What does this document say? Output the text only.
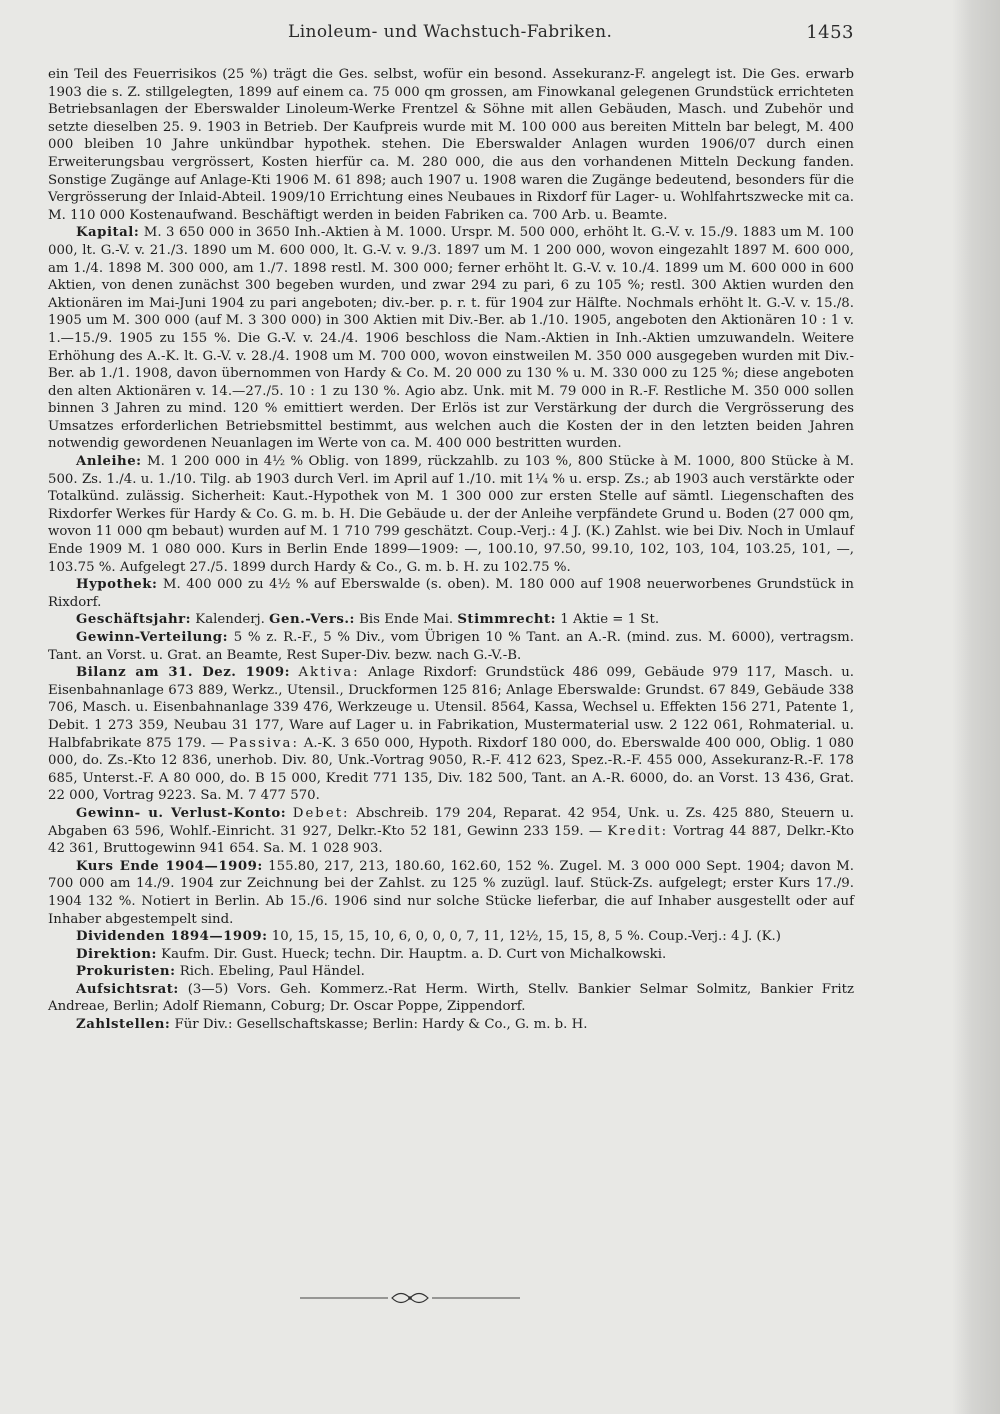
Linoleum- und Wachstuch-Fabriken.	1453

ein Teil des Feuerrisikos (25 %) trägt die Ges. selbst, wofür ein besond. Assekuranz-F. angelegt ist. Die Ges. erwarb 1903 die s. Z. stillgelegten, 1899 auf einem ca. 75 000 qm grossen, am Finowkanal gelegenen Grundstück errichteten Betriebsanlagen der Eberswalder Linoleum-Werke Frentzel & Söhne mit allen Gebäuden, Masch. und Zubehör und setzte dieselben 25. 9. 1903 in Betrieb. Der Kaufpreis wurde mit M. 100 000 aus bereiten Mitteln bar belegt, M. 400 000 bleiben 10 Jahre unkündbar hypothek. stehen. Die Eberswalder Anlagen wurden 1906/07 durch einen Erweiterungsbau vergrössert, Kosten hierfür ca. M. 280 000, die aus den vorhandenen Mitteln Deckung fanden. Sonstige Zugänge auf Anlage-Kti 1906 M. 61 898; auch 1907 u. 1908 waren die Zugänge bedeutend, besonders für die Vergrösserung der Inlaid-Abteil. 1909/10 Errichtung eines Neubaues in Rixdorf für Lager- u. Wohlfahrtszwecke mit ca. M. 110 000 Kostenaufwand. Beschäftigt werden in beiden Fabriken ca. 700 Arb. u. Beamte.

Kapital: M. 3 650 000 in 3650 Inh.-Aktien à M. 1000. Urspr. M. 500 000, erhöht lt. G.-V. v. 15./9. 1883 um M. 100 000, lt. G.-V. v. 21./3. 1890 um M. 600 000, lt. G.-V. v. 9./3. 1897 um M. 1 200 000, wovon eingezahlt 1897 M. 600 000, am 1./4. 1898 M. 300 000, am 1./7. 1898 restl. M. 300 000; ferner erhöht lt. G.-V. v. 10./4. 1899 um M. 600 000 in 600 Aktien, von denen zunächst 300 begeben wurden, und zwar 294 zu pari, 6 zu 105 %; restl. 300 Aktien wurden den Aktionären im Mai-Juni 1904 zu pari angeboten; div.-ber. p. r. t. für 1904 zur Hälfte. Nochmals erhöht lt. G.-V. v. 15./8. 1905 um M. 300 000 (auf M. 3 300 000) in 300 Aktien mit Div.-Ber. ab 1./10. 1905, angeboten den Aktionären 10 : 1 v. 1.—15./9. 1905 zu 155 %. Die G.-V. v. 24./4. 1906 beschloss die Nam.-Aktien in Inh.-Aktien umzuwandeln. Weitere Erhöhung des A.-K. lt. G.-V. v. 28./4. 1908 um M. 700 000, wovon einstweilen M. 350 000 ausgegeben wurden mit Div.-Ber. ab 1./1. 1908, davon übernommen von Hardy & Co. M. 20 000 zu 130 % u. M. 330 000 zu 125 %; diese angeboten den alten Aktionären v. 14.—27./5. 10 : 1 zu 130 %. Agio abz. Unk. mit M. 79 000 in R.-F. Restliche M. 350 000 sollen binnen 3 Jahren zu mind. 120 % emittiert werden. Der Erlös ist zur Verstärkung der durch die Vergrösserung des Umsatzes erforderlichen Betriebsmittel bestimmt, aus welchen auch die Kosten der in den letzten beiden Jahren notwendig gewordenen Neuanlagen im Werte von ca. M. 400 000 bestritten wurden.

Anleihe: M. 1 200 000 in 4½ % Oblig. von 1899, rückzahlb. zu 103 %, 800 Stücke à M. 1000, 800 Stücke à M. 500. Zs. 1./4. u. 1./10. Tilg. ab 1903 durch Verl. im April auf 1./10. mit 1¼ % u. ersp. Zs.; ab 1903 auch verstärkte oder Totalkünd. zulässig. Sicherheit: Kaut.-Hypothek von M. 1 300 000 zur ersten Stelle auf sämtl. Liegenschaften des Rixdorfer Werkes für Hardy & Co. G. m. b. H. Die Gebäude u. der der Anleihe verpfändete Grund u. Boden (27 000 qm, wovon 11 000 qm bebaut) wurden auf M. 1 710 799 geschätzt. Coup.-Verj.: 4 J. (K.) Zahlst. wie bei Div. Noch in Umlauf Ende 1909 M. 1 080 000. Kurs in Berlin Ende 1899—1909: —, 100.10, 97.50, 99.10, 102, 103, 104, 103.25, 101, —, 103.75 %. Aufgelegt 27./5. 1899 durch Hardy & Co., G. m. b. H. zu 102.75 %.

Hypothek: M. 400 000 zu 4½ % auf Eberswalde (s. oben). M. 180 000 auf 1908 neuerworbenes Grundstück in Rixdorf.

Geschäftsjahr: Kalenderj. Gen.-Vers.: Bis Ende Mai. Stimmrecht: 1 Aktie = 1 St.

Gewinn-Verteilung: 5 % z. R.-F., 5 % Div., vom Übrigen 10 % Tant. an A.-R. (mind. zus. M. 6000), vertragsm. Tant. an Vorst. u. Grat. an Beamte, Rest Super-Div. bezw. nach G.-V.-B.

Bilanz am 31. Dez. 1909: Aktiva: Anlage Rixdorf: Grundstück 486 099, Gebäude 979 117, Masch. u. Eisenbahnanlage 673 889, Werkz., Utensil., Druckformen 125 816; Anlage Eberswalde: Grundst. 67 849, Gebäude 338 706, Masch. u. Eisenbahnanlage 339 476, Werkzeuge u. Utensil. 8564, Kassa, Wechsel u. Effekten 156 271, Patente 1, Debit. 1 273 359, Neubau 31 177, Ware auf Lager u. in Fabrikation, Mustermaterial usw. 2 122 061, Rohmaterial. u. Halbfabrikate 875 179. — Passiva: A.-K. 3 650 000, Hypoth. Rixdorf 180 000, do. Eberswalde 400 000, Oblig. 1 080 000, do. Zs.-Kto 12 836, unerhob. Div. 80, Unk.-Vortrag 9050, R.-F. 412 623, Spez.-R.-F. 455 000, Assekuranz-R.-F. 178 685, Unterst.-F. A 80 000, do. B 15 000, Kredit 771 135, Div. 182 500, Tant. an A.-R. 6000, do. an Vorst. 13 436, Grat. 22 000, Vortrag 9223. Sa. M. 7 477 570.

Gewinn- u. Verlust-Konto: Debet: Abschreib. 179 204, Reparat. 42 954, Unk. u. Zs. 425 880, Steuern u. Abgaben 63 596, Wohlf.-Einricht. 31 927, Delkr.-Kto 52 181, Gewinn 233 159. — Kredit: Vortrag 44 887, Delkr.-Kto 42 361, Bruttogewinn 941 654. Sa. M. 1 028 903.

Kurs Ende 1904—1909: 155.80, 217, 213, 180.60, 162.60, 152 %. Zugel. M. 3 000 000 Sept. 1904; davon M. 700 000 am 14./9. 1904 zur Zeichnung bei der Zahlst. zu 125 % zuzügl. lauf. Stück-Zs. aufgelegt; erster Kurs 17./9. 1904 132 %. Notiert in Berlin. Ab 15./6. 1906 sind nur solche Stücke lieferbar, die auf Inhaber ausgestellt oder auf Inhaber abgestempelt sind.

Dividenden 1894—1909: 10, 15, 15, 15, 10, 6, 0, 0, 0, 7, 11, 12½, 15, 15, 8, 5 %. Coup.-Verj.: 4 J. (K.)

Direktion: Kaufm. Dir. Gust. Hueck; techn. Dir. Hauptm. a. D. Curt von Michalkowski.

Prokuristen: Rich. Ebeling, Paul Händel.

Aufsichtsrat: (3—5) Vors. Geh. Kommerz.-Rat Herm. Wirth, Stellv. Bankier Selmar Solmitz, Bankier Fritz Andreae, Berlin; Adolf Riemann, Coburg; Dr. Oscar Poppe, Zippendorf.

Zahlstellen: Für Div.: Gesellschaftskasse; Berlin: Hardy & Co., G. m. b. H.
